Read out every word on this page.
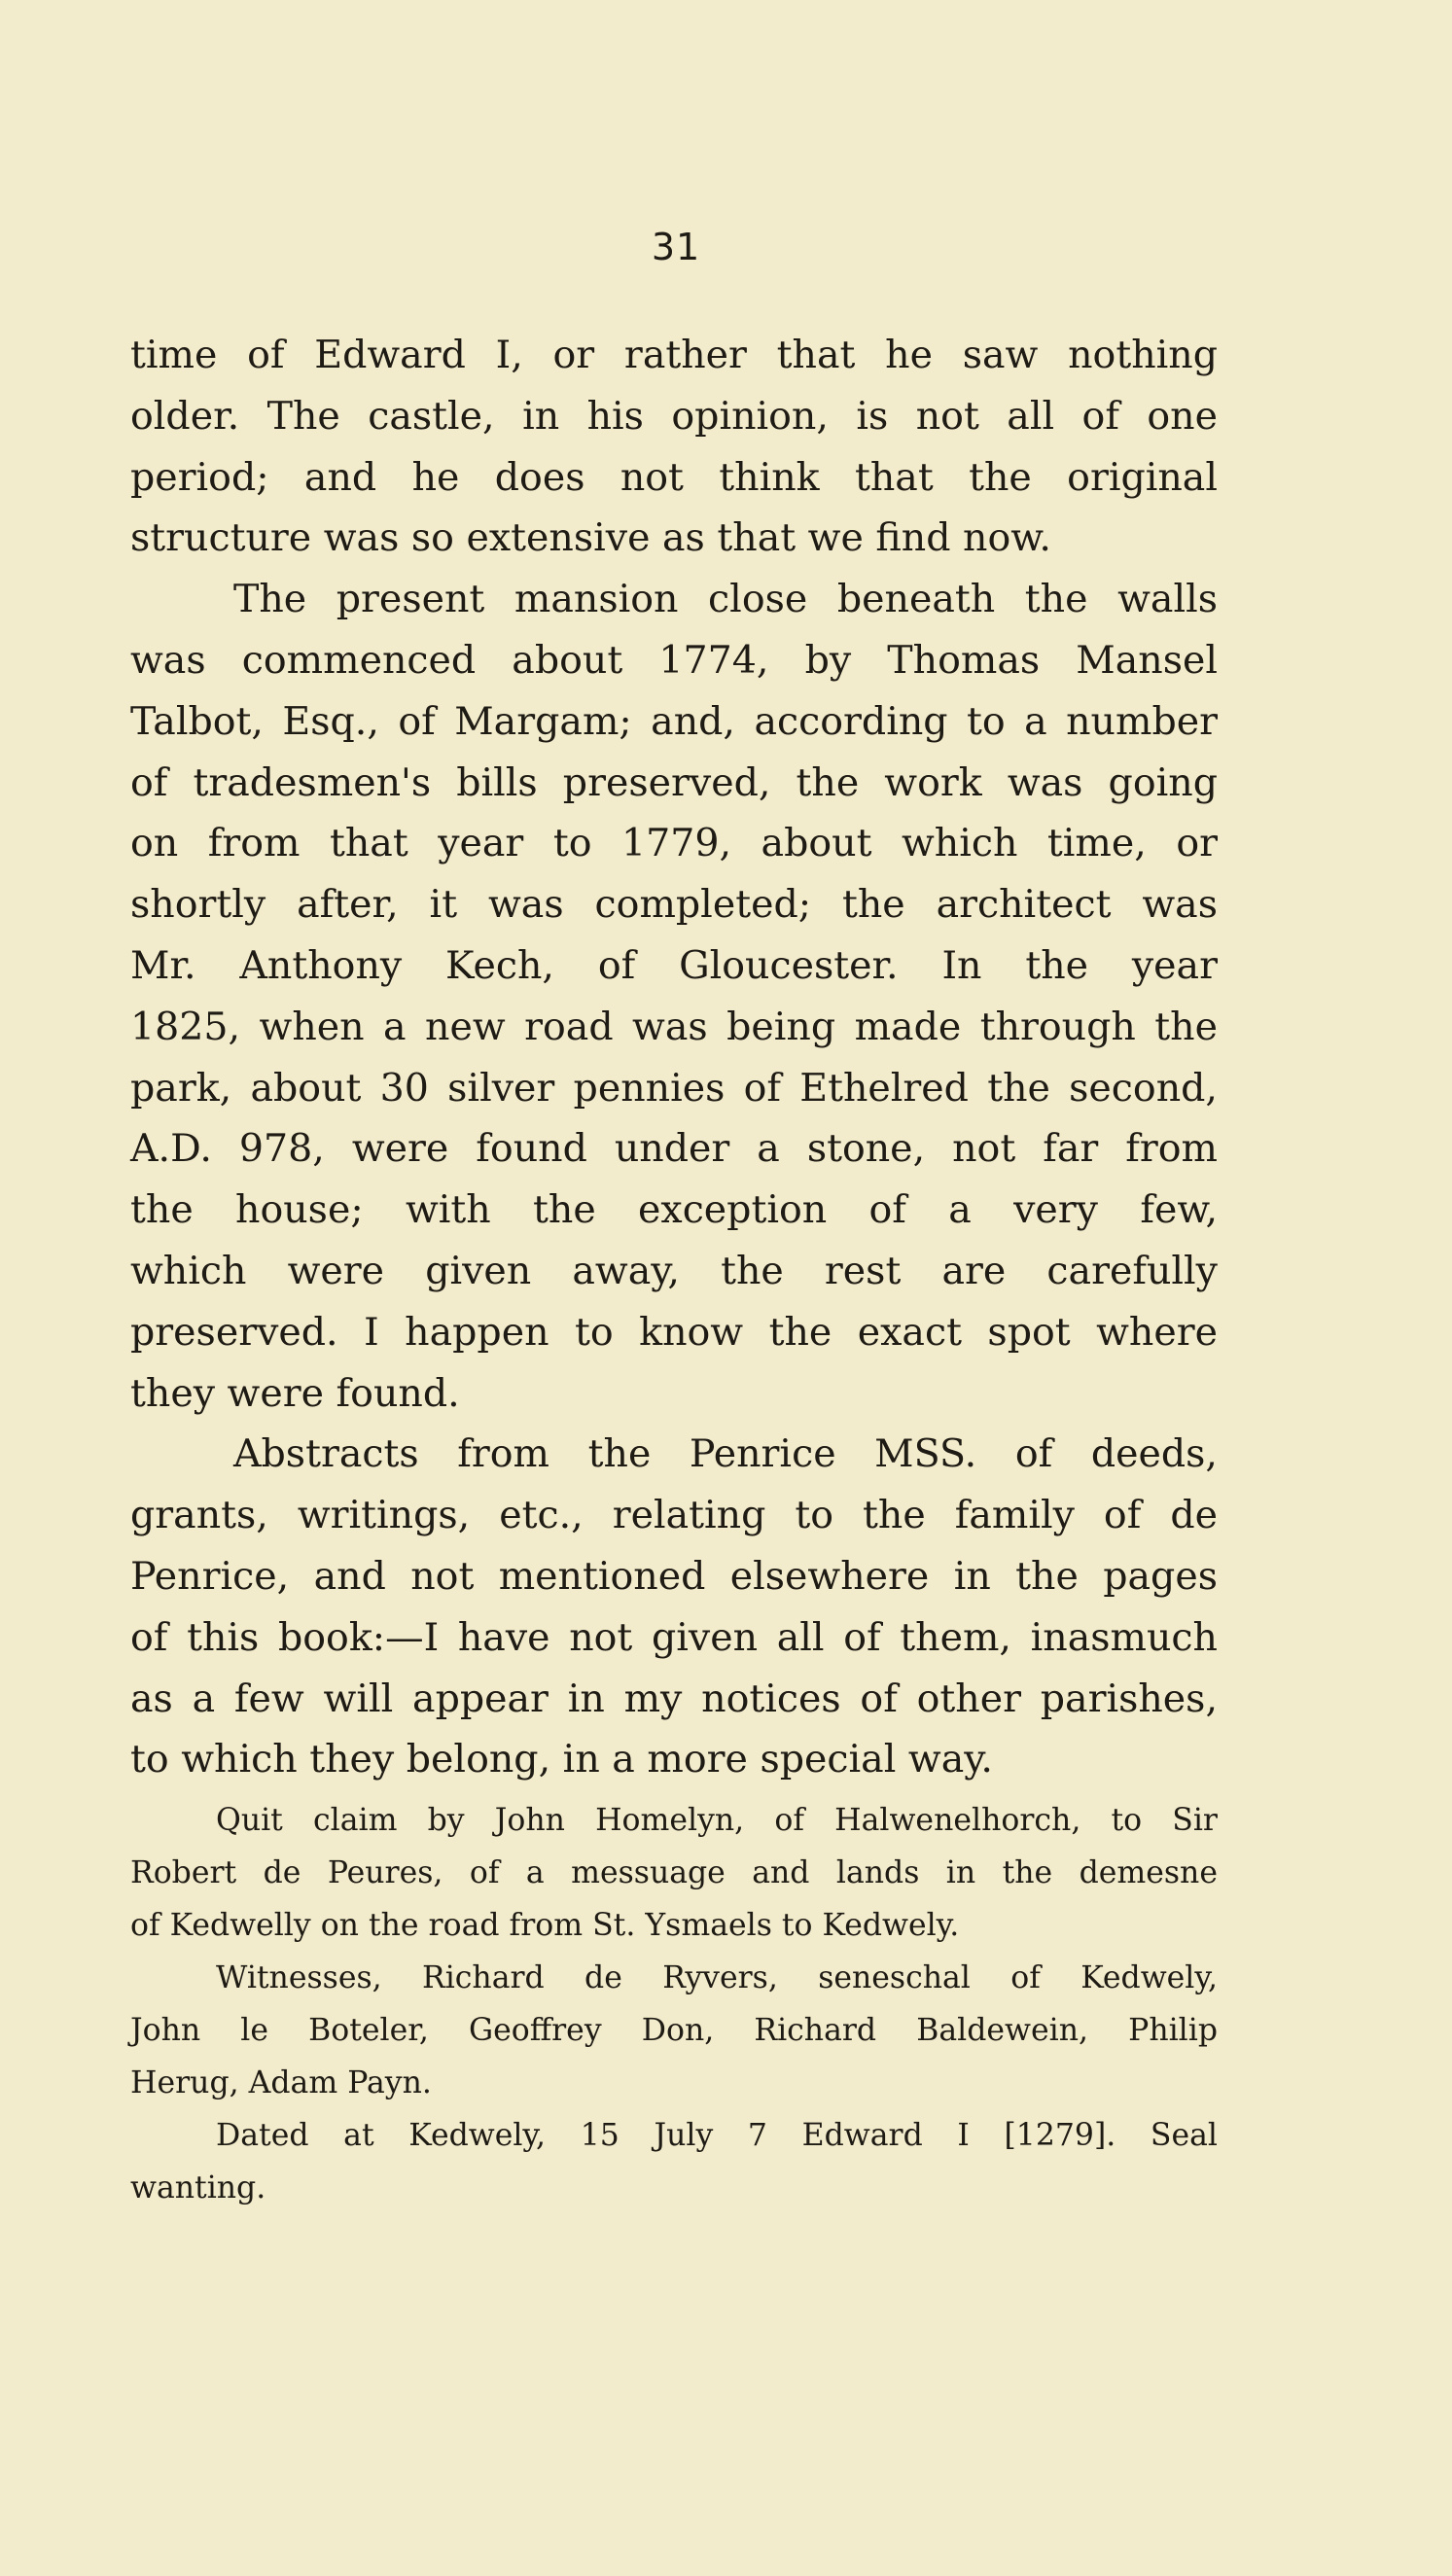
31

time of Edward I, or rather that he saw nothing
older. The castle, in his opinion, is not all of one
period; and he does not think that the original
structure was so extensive as that we find now.

The present mansion close beneath the walls
was commenced about 1774, by Thomas Mansel
Talbot, Esq., of Margam; and, according to a number
of tradesmen's bills preserved, the work was going
on from that year to 1779, about which time, or
shortly after, it was completed; the architect was
Mr. Anthony Kech, of Gloucester. In the year
1825, when a new road was being made through the
park, about 30 silver pennies of Ethelred the second,
A.D. 978, were found under a stone, not far from
the house; with the exception of a very few,
which were given away, the rest are carefully
preserved. I happen to know the exact spot where
they were found.

Abstracts from the Penrice MSS. of deeds,
grants, writings, etc., relating to the family of de
Penrice, and not mentioned elsewhere in the pages
of this book:—I have not given all of them, inasmuch
as a few will appear in my notices of other parishes,
to which they belong, in a more special way.

Quit claim by John Homelyn, of Halwenelhorch, to Sir
Robert de Peures, of a messuage and lands in the demesne
of Kedwelly on the road from St. Ysmaels to Kedwely.

Witnesses, Richard de Ryvers, seneschal of Kedwely,
John le Boteler, Geoffrey Don, Richard Baldewein, Philip
Herug, Adam Payn.

Dated at Kedwely, 15 July 7 Edward I [1279]. Seal
wanting.
